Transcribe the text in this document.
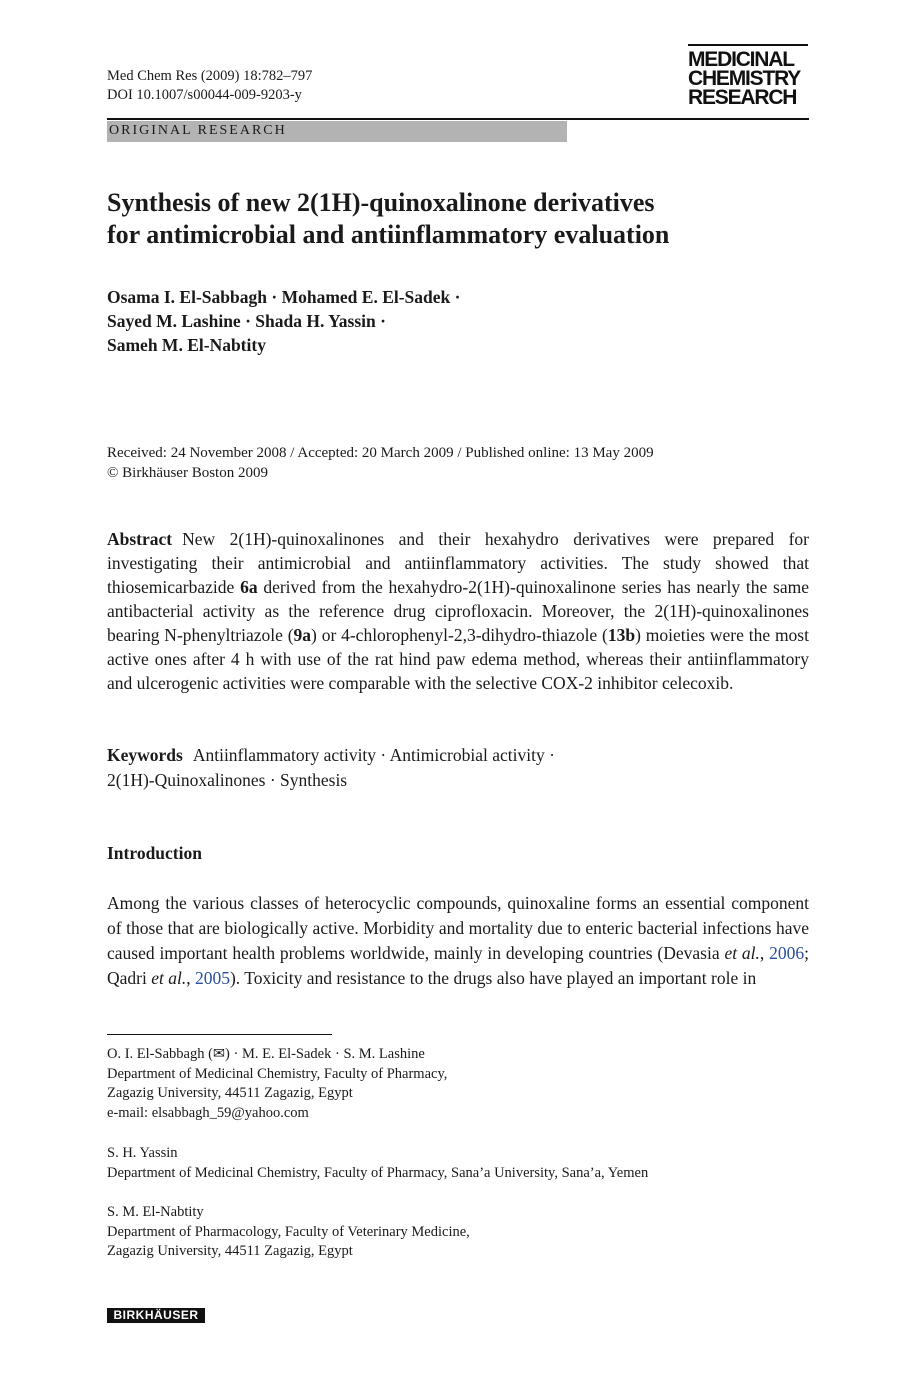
Med Chem Res (2009) 18:782–797
DOI 10.1007/s00044-009-9203-y
MEDICINAL
CHEMISTRY
RESEARCH
ORIGINAL RESEARCH
Synthesis of new 2(1H)-quinoxalinone derivatives
for antimicrobial and antiinflammatory evaluation
Osama I. El-Sabbagh · Mohamed E. El-Sadek ·
Sayed M. Lashine · Shada H. Yassin ·
Sameh M. El-Nabtity
Received: 24 November 2008 / Accepted: 20 March 2009 / Published online: 13 May 2009
© Birkhäuser Boston 2009
Abstract New 2(1H)-quinoxalinones and their hexahydro derivatives were prepared for investigating their antimicrobial and antiinflammatory activities. The study showed that thiosemicarbazide 6a derived from the hexahydro-2(1H)-quinoxalinone series has nearly the same antibacterial activity as the reference drug ciprofloxacin. Moreover, the 2(1H)-quinoxalinones bearing N-phenyltriazole (9a) or 4-chlorophenyl-2,3-dihydro-thiazole (13b) moieties were the most active ones after 4 h with use of the rat hind paw edema method, whereas their antiinflammatory and ulcerogenic activities were comparable with the selective COX-2 inhibitor celecoxib.
Keywords Antiinflammatory activity · Antimicrobial activity ·
2(1H)-Quinoxalinones · Synthesis
Introduction
Among the various classes of heterocyclic compounds, quinoxaline forms an essential component of those that are biologically active. Morbidity and mortality due to enteric bacterial infections have caused important health problems worldwide, mainly in developing countries (Devasia et al., 2006; Qadri et al., 2005). Toxicity and resistance to the drugs also have played an important role in
O. I. El-Sabbagh (✉) · M. E. El-Sadek · S. M. Lashine
Department of Medicinal Chemistry, Faculty of Pharmacy,
Zagazig University, 44511 Zagazig, Egypt
e-mail: elsabbagh_59@yahoo.com
S. H. Yassin
Department of Medicinal Chemistry, Faculty of Pharmacy, Sana’a University, Sana’a, Yemen
S. M. El-Nabtity
Department of Pharmacology, Faculty of Veterinary Medicine,
Zagazig University, 44511 Zagazig, Egypt
BIRKHÄUSER
